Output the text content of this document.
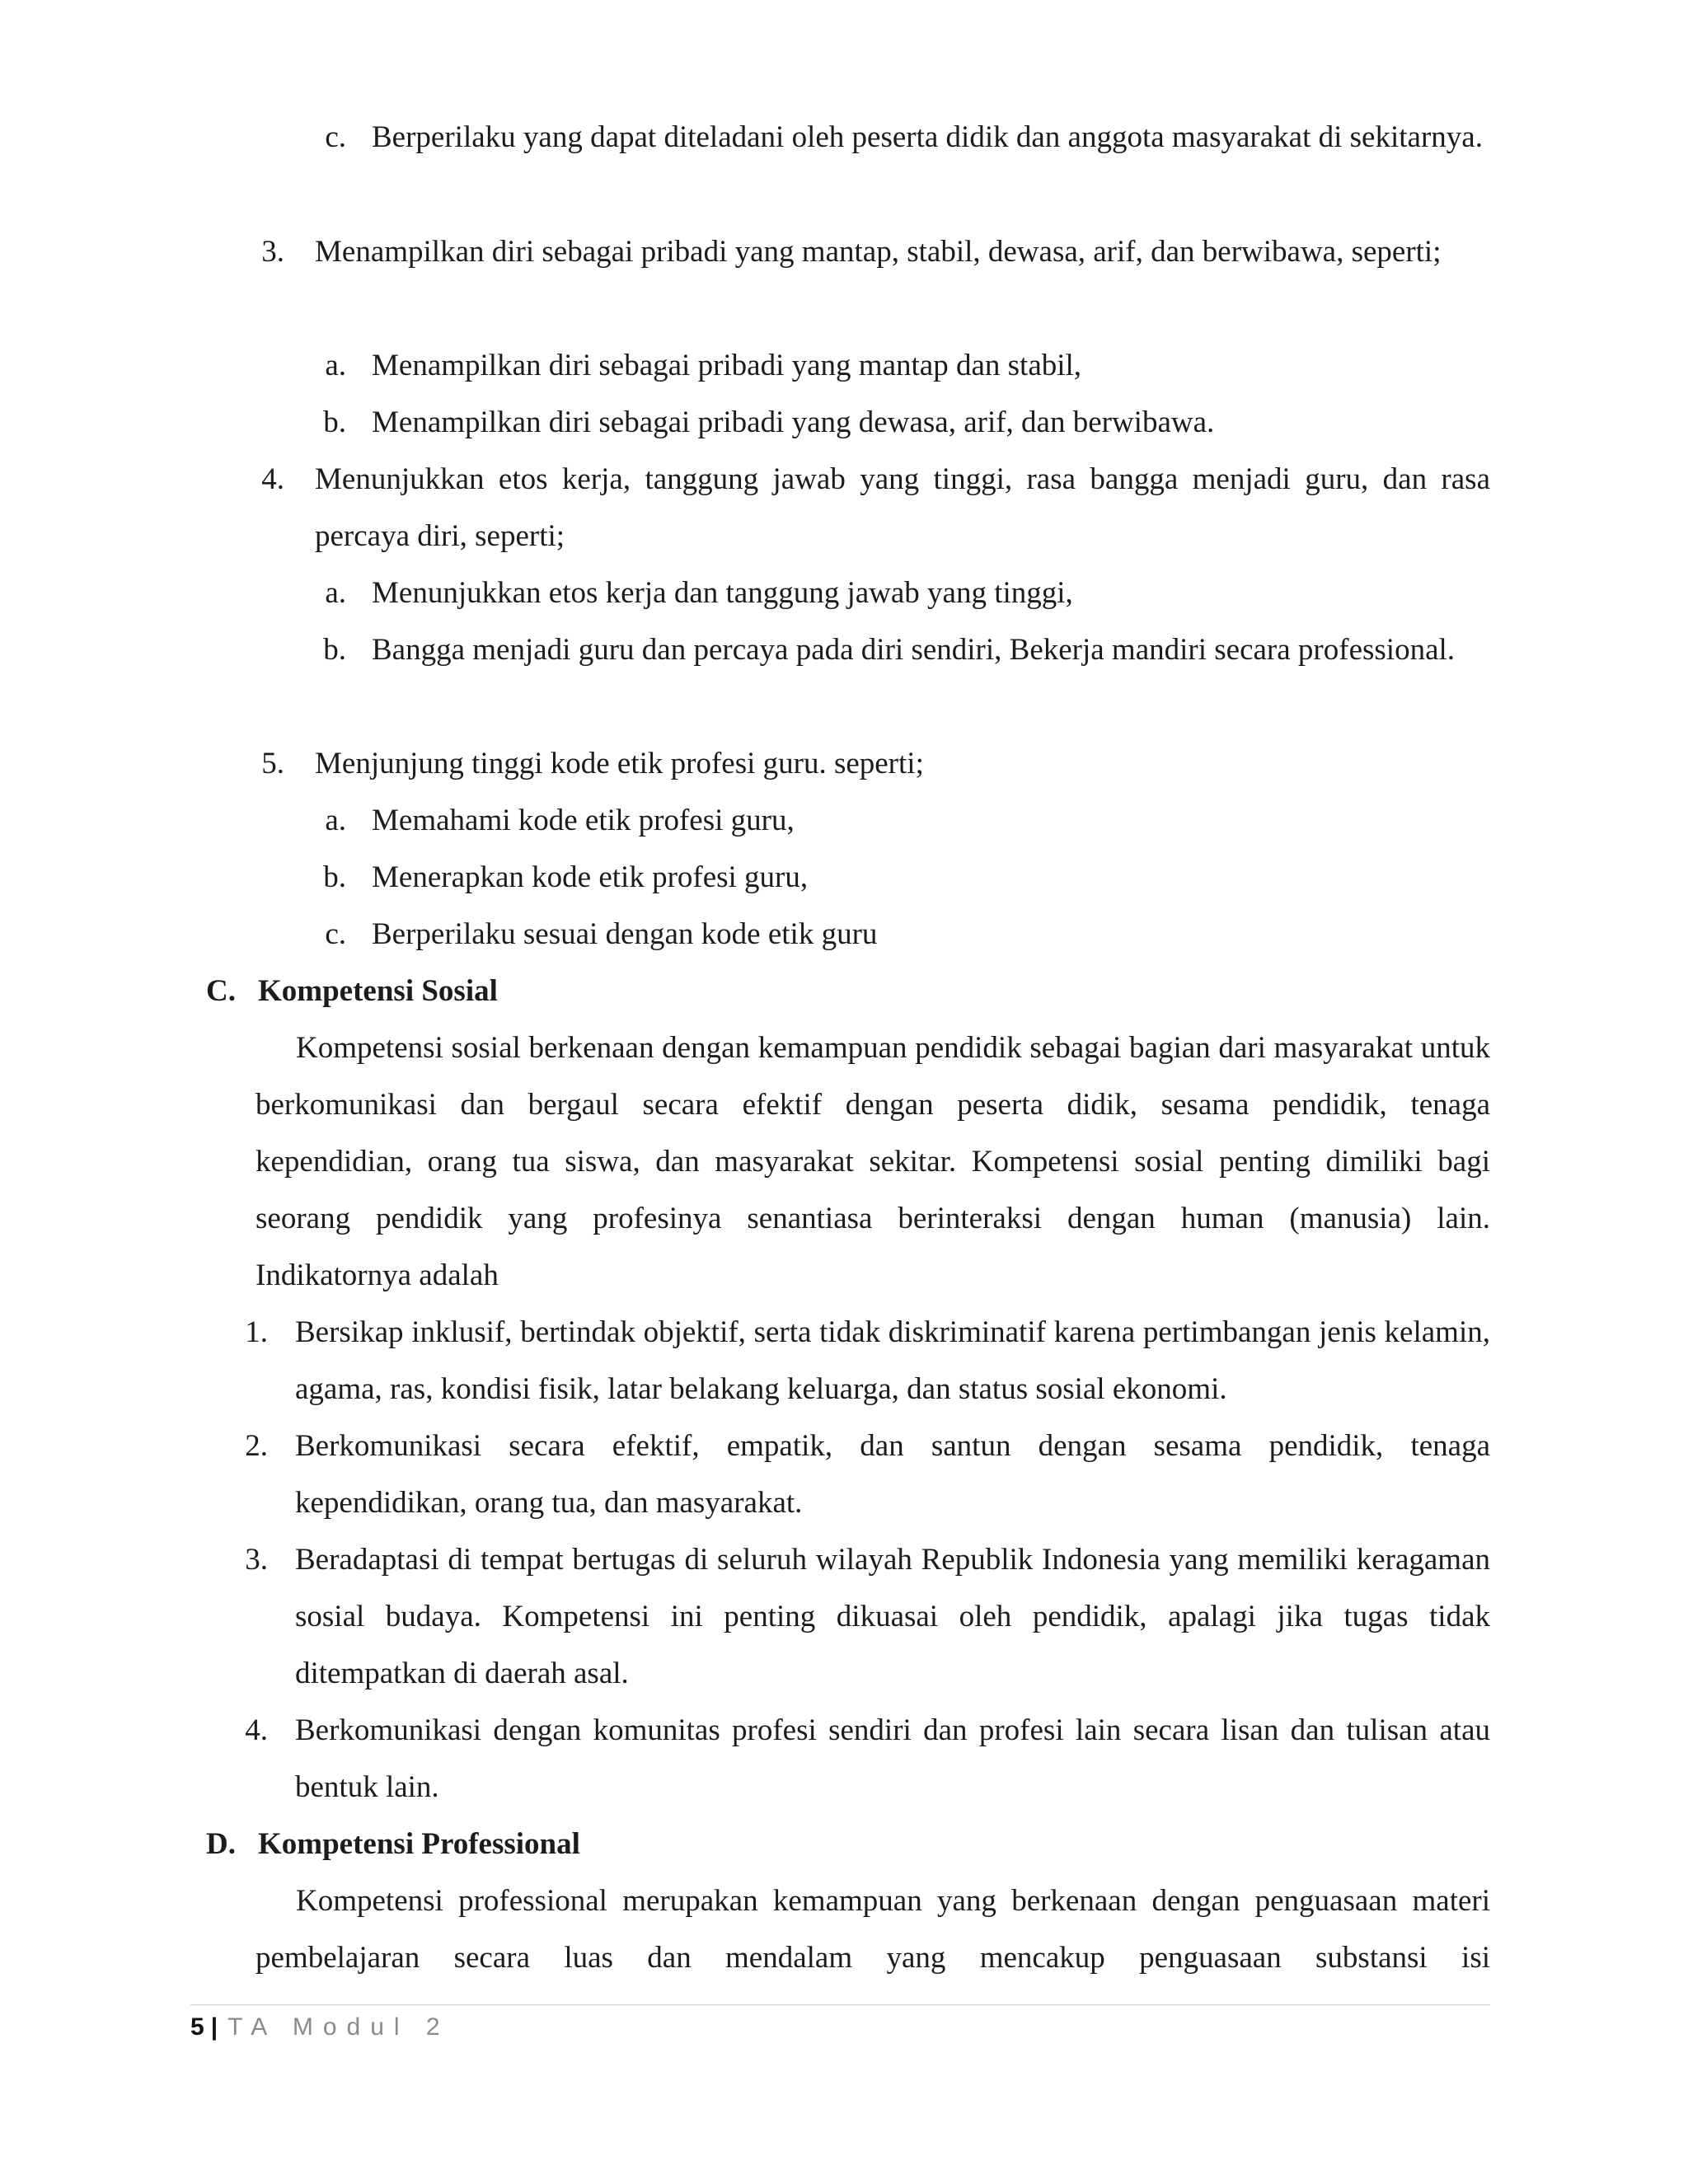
c. Berperilaku yang dapat diteladani oleh peserta didik dan anggota masyarakat di sekitarnya.
3. Menampilkan diri sebagai pribadi yang mantap, stabil, dewasa, arif, dan berwibawa, seperti;
a. Menampilkan diri sebagai pribadi yang mantap dan stabil,
b. Menampilkan diri sebagai pribadi yang dewasa, arif, dan berwibawa.
4. Menunjukkan etos kerja, tanggung jawab yang tinggi, rasa bangga menjadi guru, dan rasa percaya diri, seperti;
a. Menunjukkan etos kerja dan tanggung jawab yang tinggi,
b. Bangga menjadi guru dan percaya pada diri sendiri, Bekerja mandiri secara professional.
5. Menjunjung tinggi kode etik profesi guru. seperti;
a. Memahami kode etik profesi guru,
b. Menerapkan kode etik profesi guru,
c. Berperilaku sesuai dengan kode etik guru
C. Kompetensi Sosial
Kompetensi sosial berkenaan dengan kemampuan pendidik sebagai bagian dari masyarakat untuk berkomunikasi dan bergaul secara efektif dengan peserta didik, sesama pendidik, tenaga kependidian, orang tua siswa, dan masyarakat sekitar. Kompetensi sosial penting dimiliki bagi seorang pendidik yang profesinya senantiasa berinteraksi dengan human (manusia) lain. Indikatornya adalah
1. Bersikap inklusif, bertindak objektif, serta tidak diskriminatif karena pertimbangan jenis kelamin, agama, ras, kondisi fisik, latar belakang keluarga, dan status sosial ekonomi.
2. Berkomunikasi secara efektif, empatik, dan santun dengan sesama pendidik, tenaga kependidikan, orang tua, dan masyarakat.
3. Beradaptasi di tempat bertugas di seluruh wilayah Republik Indonesia yang memiliki keragaman sosial budaya. Kompetensi ini penting dikuasai oleh pendidik, apalagi jika tugas tidak ditempatkan di daerah asal.
4. Berkomunikasi dengan komunitas profesi sendiri dan profesi lain secara lisan dan tulisan atau bentuk lain.
D. Kompetensi Professional
Kompetensi professional merupakan kemampuan yang berkenaan dengan penguasaan materi pembelajaran secara luas dan mendalam yang mencakup penguasaan substansi isi
5 | TA Modul 2
